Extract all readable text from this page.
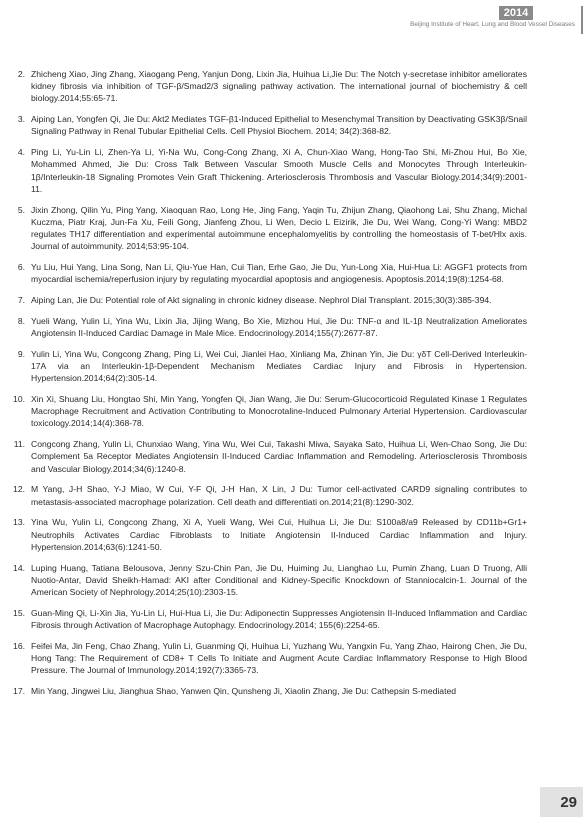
2014
Beijing Institute of Heart, Lung and Blood Vessel Diseases
2. Zhicheng Xiao, Jing Zhang, Xiaogang Peng, Yanjun Dong, Lixin Jia, Huihua Li,Jie Du: The Notch γ-secretase inhibitor ameliorates kidney fibrosis via inhibition of TGF-β/Smad2/3 signaling pathway activation. The international journal of biochemistry & cell biology.2014;55:65-71.
3. Aiping Lan, Yongfen Qi, Jie Du: Akt2 Mediates TGF-β1-Induced Epithelial to Mesenchymal Transition by Deactivating GSK3β/Snail Signaling Pathway in Renal Tubular Epithelial Cells. Cell Physiol Biochem. 2014; 34(2):368-82.
4. Ping Li, Yu-Lin Li, Zhen-Ya Li, Yi-Na Wu, Cong-Cong Zhang, Xi A, Chun-Xiao Wang, Hong-Tao Shi, Mi-Zhou Hui, Bo Xie, Mohammed Ahmed, Jie Du: Cross Talk Between Vascular Smooth Muscle Cells and Monocytes Through Interleukin-1β/Interleukin-18 Signaling Promotes Vein Graft Thickening. Arteriosclerosis Thrombosis and Vascular Biology.2014;34(9):2001-11.
5. Jixin Zhong, Qilin Yu, Ping Yang, Xiaoquan Rao, Long He, Jing Fang, Yaqin Tu, Zhijun Zhang, Qiaohong Lai, Shu Zhang, Michal Kuczma, Piatr Kraj, Jun-Fa Xu, Feili Gong, Jianfeng Zhou, Li Wen, Decio L Eizirik, Jie Du, Wei Wang, Cong-Yi Wang: MBD2 regulates TH17 differentiation and experimental autoimmune encephalomyelitis by controlling the homeostasis of T-bet/Hlx axis. Journal of autoimmunity. 2014;53:95-104.
6. Yu Liu, Hui Yang, Lina Song, Nan Li, Qiu-Yue Han, Cui Tian, Erhe Gao, Jie Du, Yun-Long Xia, Hui-Hua Li: AGGF1 protects from myocardial ischemia/reperfusion injury by regulating myocardial apoptosis and angiogenesis. Apoptosis.2014;19(8):1254-68.
7. Aiping Lan, Jie Du: Potential role of Akt signaling in chronic kidney disease. Nephrol Dial Transplant. 2015;30(3):385-394.
8. Yueli Wang, Yulin Li, Yina Wu, Lixin Jia, Jijing Wang, Bo Xie, Mizhou Hui, Jie Du: TNF-α and IL-1β Neutralization Ameliorates Angiotensin II-Induced Cardiac Damage in Male Mice. Endocrinology.2014;155(7):2677-87.
9. Yulin Li, Yina Wu, Congcong Zhang, Ping Li, Wei Cui, Jianlei Hao, Xinliang Ma, Zhinan Yin, Jie Du: γδT Cell-Derived Interleukin-17A via an Interleukin-1β-Dependent Mechanism Mediates Cardiac Injury and Fibrosis in Hypertension. Hypertension.2014;64(2):305-14.
10. Xin Xi, Shuang Liu, Hongtao Shi, Min Yang, Yongfen Qi, Jian Wang, Jie Du: Serum-Glucocorticoid Regulated Kinase 1 Regulates Macrophage Recruitment and Activation Contributing to Monocrotaline-Induced Pulmonary Arterial Hypertension. Cardiovascular toxicology.2014;14(4):368-78.
11. Congcong Zhang, Yulin Li, Chunxiao Wang, Yina Wu, Wei Cui, Takashi Miwa, Sayaka Sato, Huihua Li, Wen-Chao Song, Jie Du: Complement 5a Receptor Mediates Angiotensin II-Induced Cardiac Inflammation and Remodeling. Arteriosclerosis Thrombosis and Vascular Biology.2014;34(6):1240-8.
12. M Yang, J-H Shao, Y-J Miao, W Cui, Y-F Qi, J-H Han, X Lin, J Du: Tumor cell-activated CARD9 signaling contributes to metastasis-associated macrophage polarization. Cell death and differentiati on.2014;21(8):1290-302.
13. Yina Wu, Yulin Li, Congcong Zhang, Xi A, Yueli Wang, Wei Cui, Huihua Li, Jie Du: S100a8/a9 Released by CD11b+Gr1+ Neutrophils Activates Cardiac Fibroblasts to Initiate Angiotensin II-Induced Cardiac Inflammation and Injury. Hypertension.2014;63(6):1241-50.
14. Luping Huang, Tatiana Belousova, Jenny Szu-Chin Pan, Jie Du, Huiming Ju, Lianghao Lu, Pumin Zhang, Luan D Truong, Alli Nuotio-Antar, David Sheikh-Hamad: AKI after Conditional and Kidney-Specific Knockdown of Stanniocalcin-1. Journal of the American Society of Nephrology.2014;25(10):2303-15.
15. Guan-Ming Qi, Li-Xin Jia, Yu-Lin Li, Hui-Hua Li, Jie Du: Adiponectin Suppresses Angiotensin II-Induced Inflammation and Cardiac Fibrosis through Activation of Macrophage Autophagy. Endocrinology.2014; 155(6):2254-65.
16. Feifei Ma, Jin Feng, Chao Zhang, Yulin Li, Guanming Qi, Huihua Li, Yuzhang Wu, Yangxin Fu, Yang Zhao, Hairong Chen, Jie Du, Hong Tang: The Requirement of CD8+ T Cells To Initiate and Augment Acute Cardiac Inflammatory Response to High Blood Pressure. The Journal of Immunology.2014;192(7):3365-73.
17. Min Yang, Jingwei Liu, Jianghua Shao, Yanwen Qin, Qunsheng Ji, Xiaolin Zhang, Jie Du: Cathepsin S-mediated
29
